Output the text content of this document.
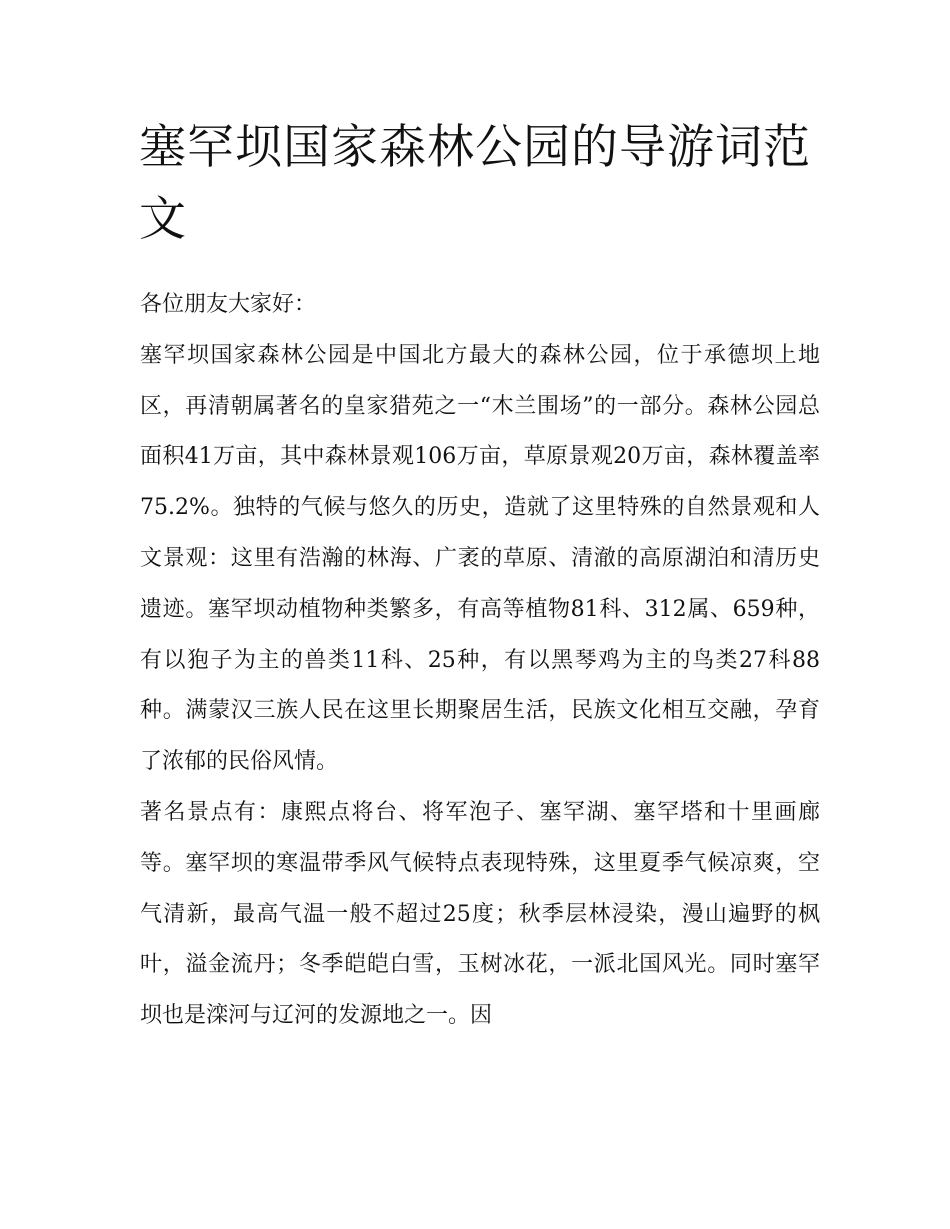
塞罕坝国家森林公园的导游词范文

各位朋友大家好：

塞罕坝国家森林公园是中国北方最大的森林公园，位于承德坝上地区，再清朝属著名的皇家猎苑之一“木兰围场”的一部分。森林公园总面积41万亩，其中森林景观106万亩，草原景观20万亩，森林覆盖率75.2%。独特的气候与悠久的历史，造就了这里特殊的自然景观和人文景观：这里有浩瀚的林海、广袤的草原、清澈的高原湖泊和清历史遗迹。塞罕坝动植物种类繁多，有高等植物81科、312属、659种，有以狍子为主的兽类11科、25种，有以黑琴鸡为主的鸟类27科88种。满蒙汉三族人民在这里长期聚居生活，民族文化相互交融，孕育了浓郁的民俗风情。

著名景点有：康熙点将台、将军泡子、塞罕湖、塞罕塔和十里画廊等。塞罕坝的寒温带季风气候特点表现特殊，这里夏季气候凉爽，空气清新，最高气温一般不超过25度；秋季层林浸染，漫山遍野的枫叶，溢金流丹；冬季皑皑白雪，玉树冰花，一派北国风光。同时塞罕坝也是滦河与辽河的发源地之一。因
